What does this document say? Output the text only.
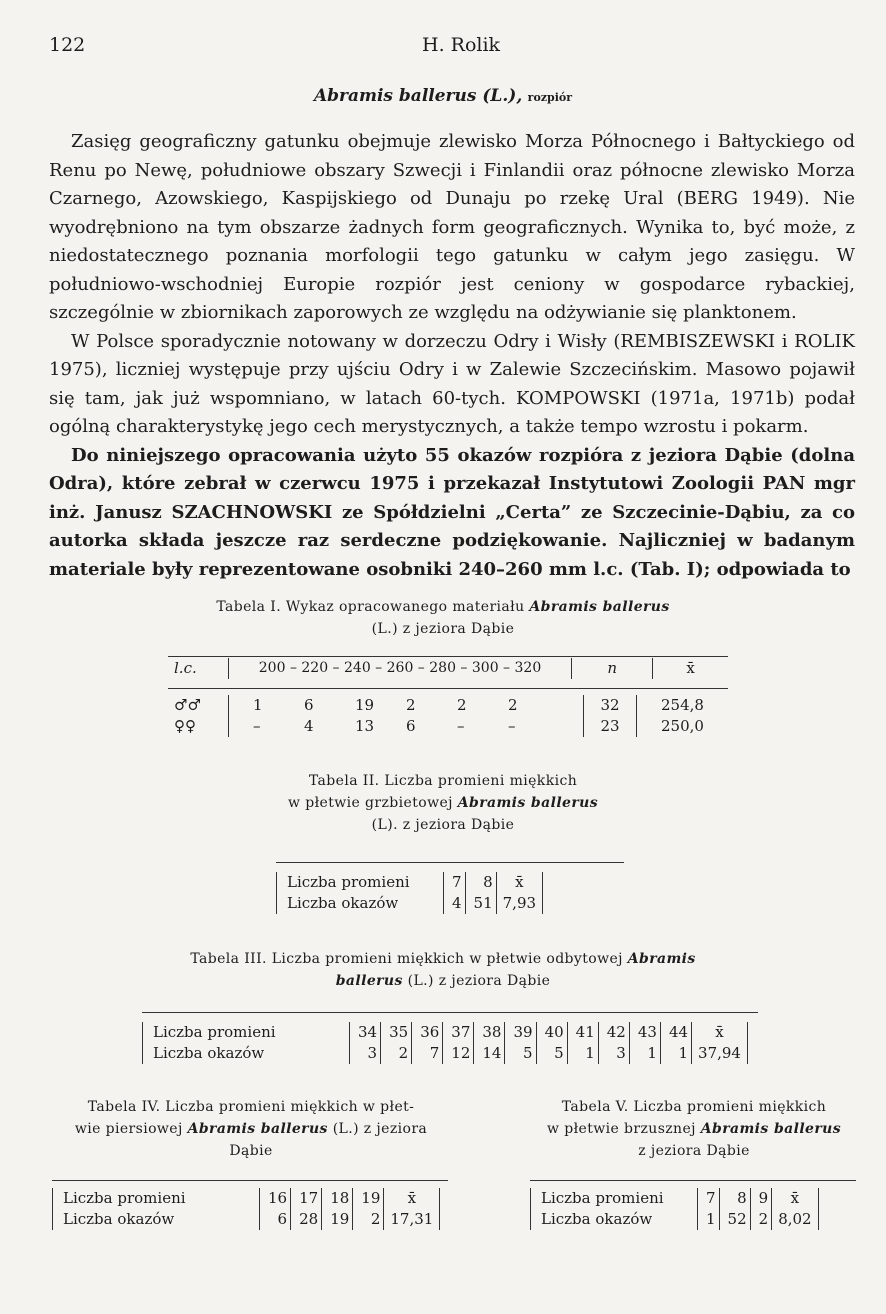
122	H. Rolik
Abramis ballerus (L.), rozpiór

Zasięg geograficzny gatunku obejmuje zlewisko Morza Północnego i Bałtyckiego od Renu po Newę, południowe obszary Szwecji i Finlandii oraz północne zlewisko Morza Czarnego, Azowskiego, Kaspijskiego od Dunaju po rzekę Ural (BERG 1949). Nie wyodrębniono na tym obszarze żadnych form geograficznych. Wynika to, być może, z niedostatecznego poznania morfologii tego gatunku w całym jego zasięgu. W południowo-wschodniej Europie rozpiór jest ceniony w gospodarce rybackiej, szczególnie w zbiornikach zaporowych ze względu na odżywianie się planktonem.

W Polsce sporadycznie notowany w dorzeczu Odry i Wisły (REMBISZEWSKI i ROLIK 1975), liczniej występuje przy ujściu Odry i w Zalewie Szczecińskim. Masowo pojawił się tam, jak już wspomniano, w latach 60-tych. KOMPOWSKI (1971a, 1971b) podał ogólną charakterystykę jego cech merystycznych, a także tempo wzrostu i pokarm.

Do niniejszego opracowania użyto 55 okazów rozpióra z jeziora Dąbie (dolna Odra), które zebrał w czerwcu 1975 i przekazał Instytutowi Zoologii PAN mgr inż. Janusz SZACHNOWSKI ze Spółdzielni „Certa” ze Szczecinie-Dąbiu, za co autorka składa jeszcze raz serdeczne podziękowanie. Najliczniej w badanym materiale były reprezentowane osobniki 240–260 mm l.c. (Tab. I); odpowiada to

Tabela I. Wykaz opracowanego materiału Abramis ballerus
(L.) z jeziora Dąbie
l.c.	200 – 220 – 240 – 260 – 280 – 300 – 320	n	x̄
♂♂	1 6 19 2 2 2	32	254,8
♀♀	– 4 13 6 – –	23	250,0
Tabela II. Liczba promieni miękkich
w płetwie grzbietowej Abramis ballerus
(L). z jeziora Dąbie
Liczba promieni	7	8	x̄
Liczba okazów	4	51	7,93
Tabela III. Liczba promieni miękkich w płetwie odbytowej Abramis
ballerus (L.) z jeziora Dąbie
Liczba promieni	34	35	36	37	38	39	40	41	42	43	44	x̄
Liczba okazów	3	2	7	12	14	5	5	1	3	1	1	37,94
Tabela IV. Liczba promieni miękkich w płet-
wie piersiowej Abramis ballerus (L.) z jeziora
Dąbie
Liczba promieni	16	17	18	19	x̄
Liczba okazów	6	28	19	2	17,31
Tabela V. Liczba promieni miękkich
w płetwie brzusznej Abramis ballerus
z jeziora Dąbie
Liczba promieni	7	8	9	x̄
Liczba okazów	1	52	2	8,02
